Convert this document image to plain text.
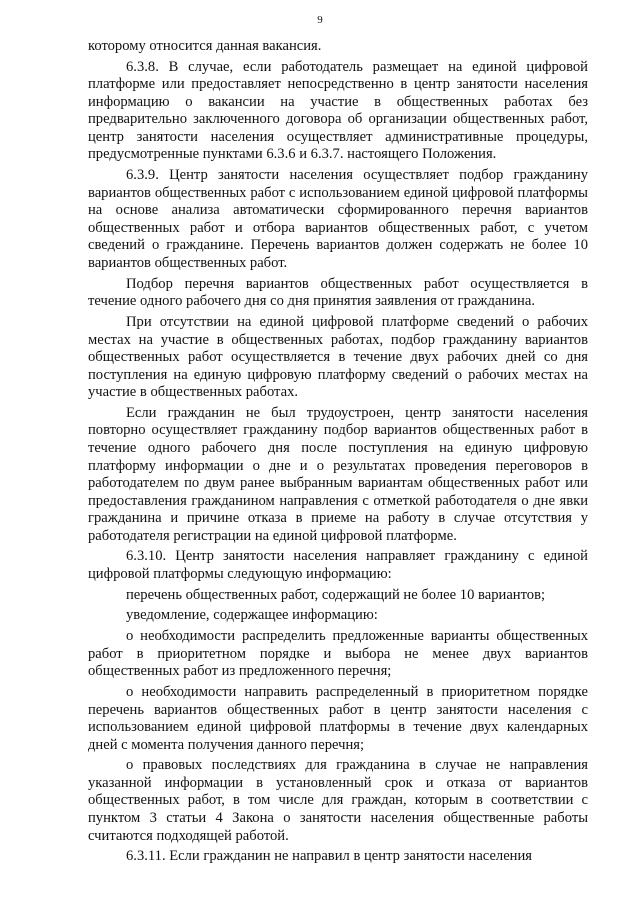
9

которому относится данная вакансия.

6.3.8. В случае, если работодатель размещает на единой цифровой платформе или предоставляет непосредственно в центр занятости населения информацию о вакансии на участие в общественных работах без предварительно заключенного договора об организации общественных работ, центр занятости населения осуществляет административные процедуры, предусмотренные пунктами 6.3.6 и 6.3.7. настоящего Положения.

6.3.9. Центр занятости населения осуществляет подбор гражданину вариантов общественных работ с использованием единой цифровой платформы на основе анализа автоматически сформированного перечня вариантов общественных работ и отбора вариантов общественных работ, с учетом сведений о гражданине. Перечень вариантов должен содержать не более 10 вариантов общественных работ.

Подбор перечня вариантов общественных работ осуществляется в течение одного рабочего дня со дня принятия заявления от гражданина.

При отсутствии на единой цифровой платформе сведений о рабочих местах на участие в общественных работах, подбор гражданину вариантов общественных работ осуществляется в течение двух рабочих дней со дня поступления на единую цифровую платформу сведений о рабочих местах на участие в общественных работах.

Если гражданин не был трудоустроен, центр занятости населения повторно осуществляет гражданину подбор вариантов общественных работ в течение одного рабочего дня после поступления на единую цифровую платформу информации о дне и о результатах проведения переговоров в работодателем по двум ранее выбранным вариантам общественных работ или предоставления гражданином направления с отметкой работодателя о дне явки гражданина и причине отказа в приеме на работу в случае отсутствия у работодателя регистрации на единой цифровой платформе.

6.3.10. Центр занятости населения направляет гражданину с единой цифровой платформы следующую информацию:

перечень общественных работ, содержащий не более 10 вариантов;

уведомление, содержащее информацию:

о необходимости распределить предложенные варианты общественных работ в приоритетном порядке и выбора не менее двух вариантов общественных работ из предложенного перечня;

о необходимости направить распределенный в приоритетном порядке перечень вариантов общественных работ в центр занятости населения с использованием единой цифровой платформы в течение двух календарных дней с момента получения данного перечня;

о правовых последствиях для гражданина в случае не направления указанной информации в установленный срок и отказа от вариантов общественных работ, в том числе для граждан, которым в соответствии с пунктом 3 статьи 4 Закона о занятости населения общественные работы считаются подходящей работой.

6.3.11. Если гражданин не направил в центр занятости населения
